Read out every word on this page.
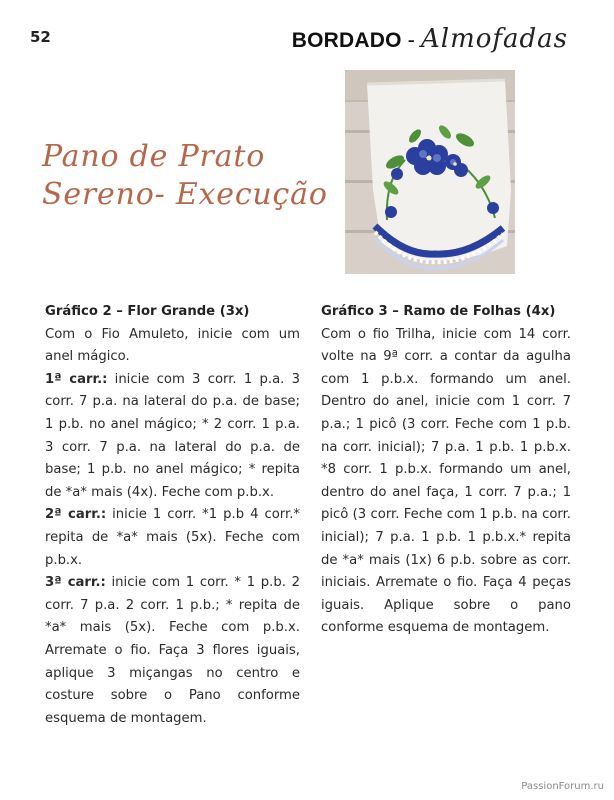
52	BORDADO - Almofadas
Pano de Prato
Sereno- Execução
Gráfico 2 – Flor Grande (3x)

Com o Fio Amuleto, inicie com um anel mágico.

1ª carr.: inicie com 3 corr. 1 p.a. 3 corr. 7 p.a. na lateral do p.a. de base; 1 p.b. no anel mágico; * 2 corr. 1 p.a. 3 corr. 7 p.a. na lateral do p.a. de base; 1 p.b. no anel mágico; * repita de *a* mais (4x). Feche com p.b.x.

2ª carr.: inicie 1 corr. *1 p.b 4 corr.* repita de *a* mais (5x). Feche com p.b.x.

3ª carr.: inicie com 1 corr. * 1 p.b. 2 corr. 7 p.a. 2 corr. 1 p.b.; * repita de *a* mais (5x). Feche com p.b.x. Arremate o fio. Faça 3 flores iguais, aplique 3 miçangas no centro e costure sobre o Pano conforme esquema de montagem.

Gráfico 3 – Ramo de Folhas (4x)

Com o fio Trilha, inicie com 14 corr. volte na 9ª corr. a contar da agulha com 1 p.b.x. formando um anel. Dentro do anel, inicie com 1 corr. 7 p.a.; 1 picô (3 corr. Feche com 1 p.b. na corr. inicial); 7 p.a. 1 p.b. 1 p.b.x. *8 corr. 1 p.b.x. formando um anel, dentro do anel faça, 1 corr. 7 p.a.; 1 picô (3 corr. Feche com 1 p.b. na corr. inicial); 7 p.a. 1 p.b. 1 p.b.x.* repita de *a* mais (1x) 6 p.b. sobre as corr. iniciais. Arremate o fio. Faça 4 peças iguais. Aplique sobre o pano conforme esquema de montagem.

PassionForum.ru
